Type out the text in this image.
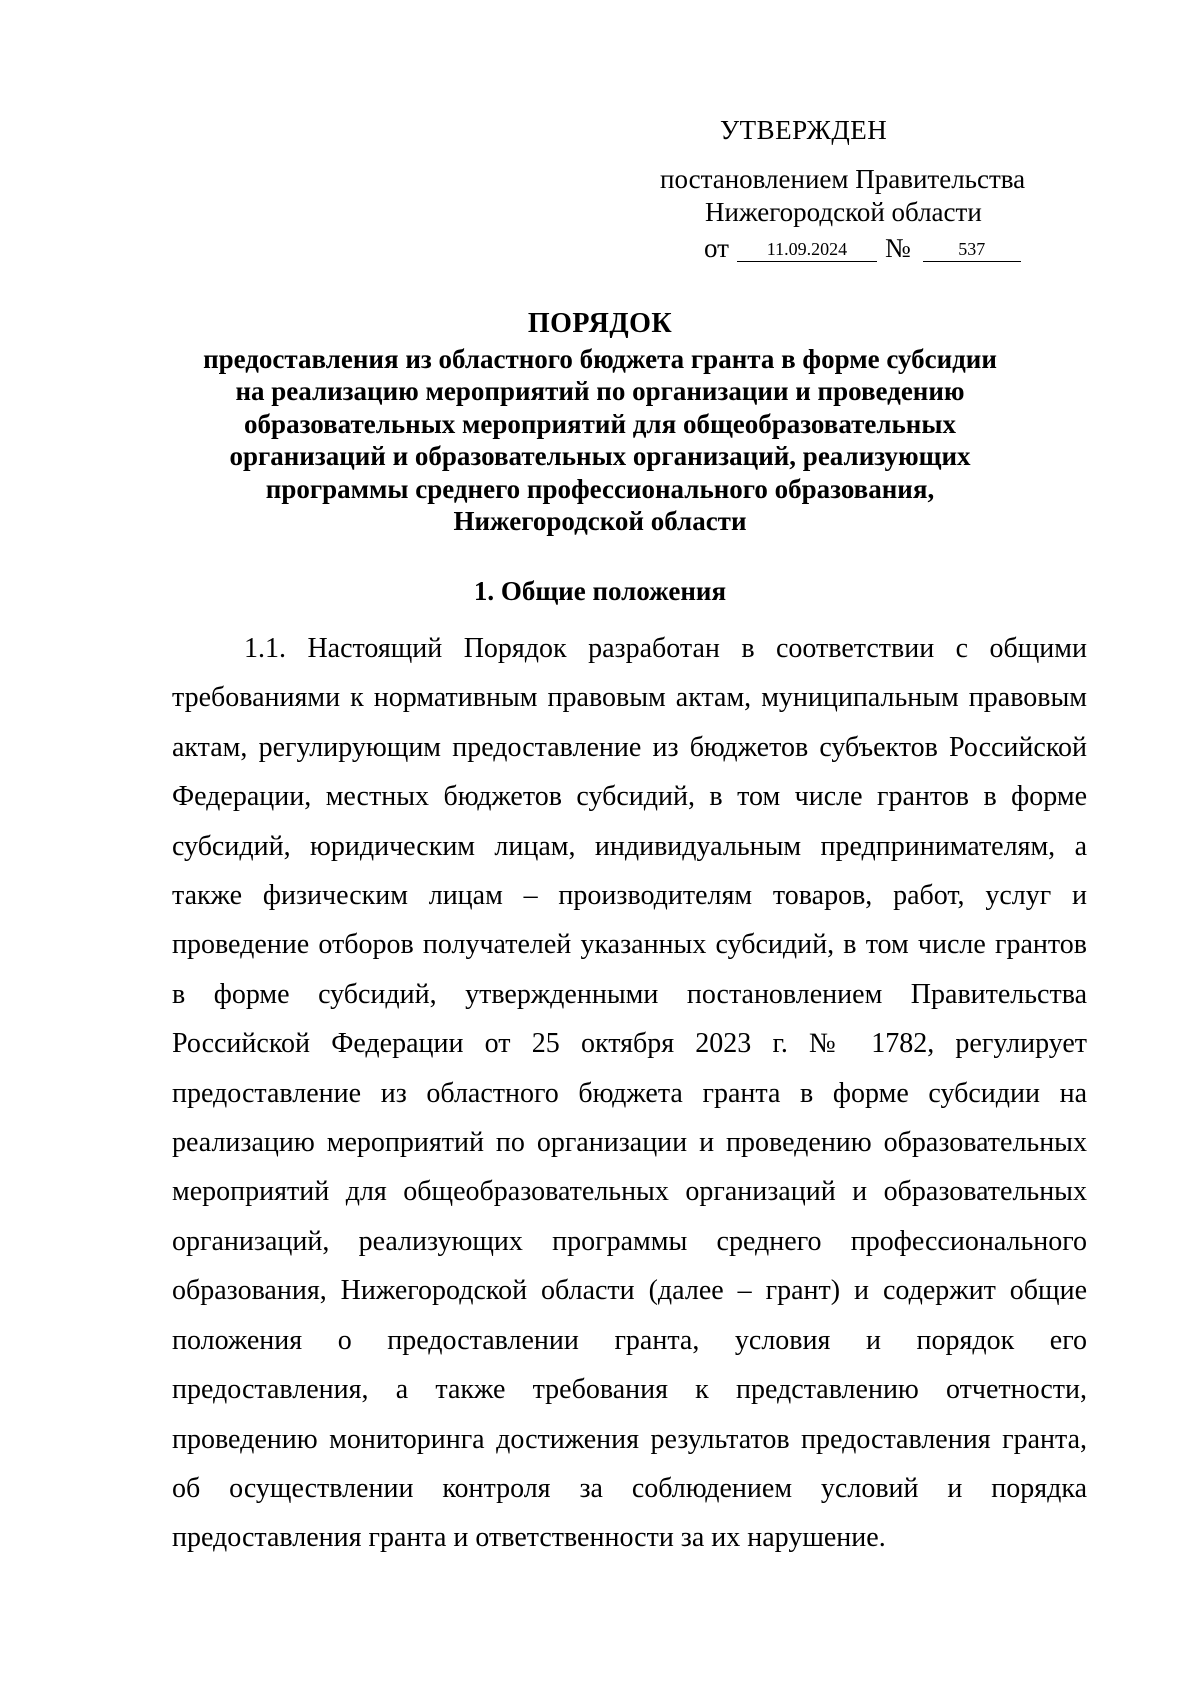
УТВЕРЖДЕН
постановлением Правительства
Нижегородской области
от 11.09.2024 №	537
ПОРЯДОК
предоставления из областного бюджета гранта в форме субсидии
на реализацию мероприятий по организации и проведению
образовательных мероприятий для общеобразовательных
организаций и образовательных организаций, реализующих
программы среднего профессионального образования,
Нижегородской области
1. Общие положения
1.1. Настоящий Порядок разработан в соответствии с общими требованиями к нормативным правовым актам, муниципальным правовым актам, регулирующим предоставление из бюджетов субъектов Российской Федерации, местных бюджетов субсидий, в том числе грантов в форме субсидий, юридическим лицам, индивидуальным предпринимателям, а также физическим лицам – производителям товаров, работ, услуг и проведение отборов получателей указанных субсидий, в том числе грантов в форме субсидий, утвержденными постановлением Правительства Российской Федерации от 25 октября 2023 г. № 1782, регулирует предоставление из областного бюджета гранта в форме субсидии на реализацию мероприятий по организации и проведению образовательных мероприятий для общеобразовательных организаций и образовательных организаций, реализующих программы среднего профессионального образования, Нижегородской области (далее – грант) и содержит общие положения о предоставлении гранта, условия и порядок его предоставления, а также требования к представлению отчетности, проведению мониторинга достижения результатов предоставления гранта, об осуществлении контроля за соблюдением условий и порядка предоставления гранта и ответственности за их нарушение.
